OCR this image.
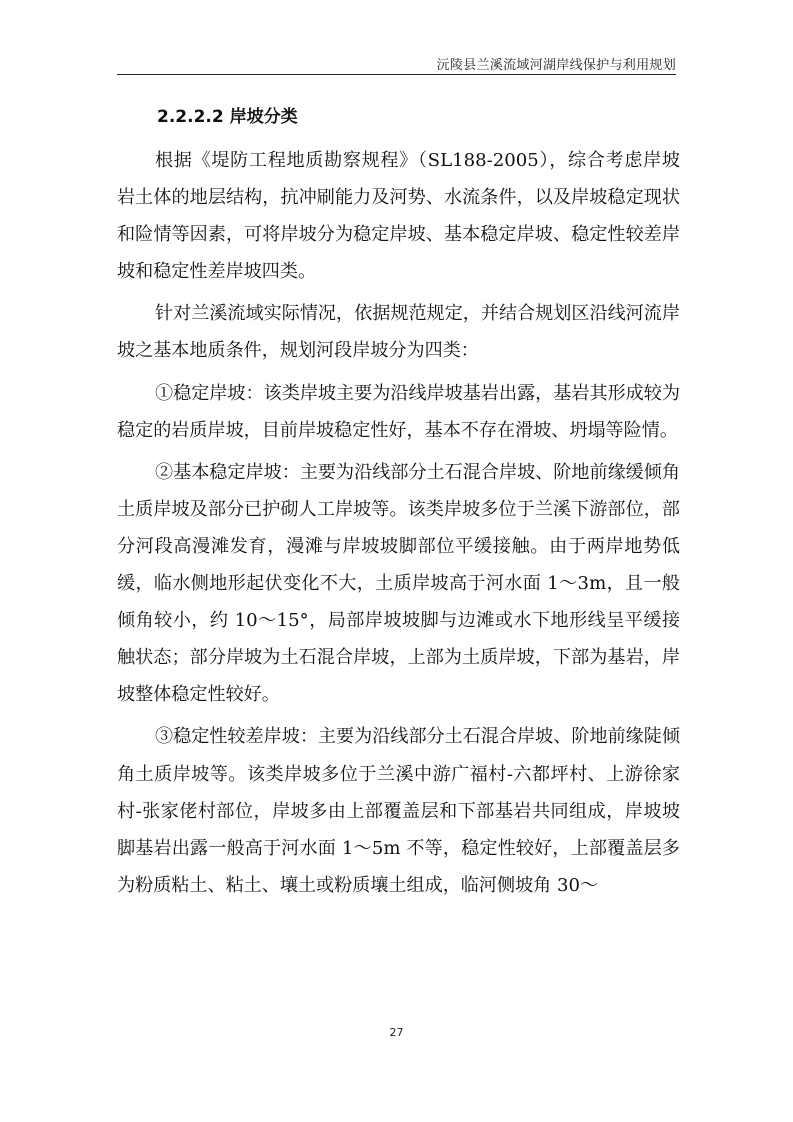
沅陵县兰溪流域河湖岸线保护与利用规划
2.2.2.2 岸坡分类

根据《堤防工程地质勘察规程》（SL188-2005），综合考虑岸坡岩土体的地层结构，抗冲刷能力及河势、水流条件，以及岸坡稳定现状和险情等因素，可将岸坡分为稳定岸坡、基本稳定岸坡、稳定性较差岸坡和稳定性差岸坡四类。

针对兰溪流域实际情况，依据规范规定，并结合规划区沿线河流岸坡之基本地质条件，规划河段岸坡分为四类：

①稳定岸坡：该类岸坡主要为沿线岸坡基岩出露，基岩其形成较为稳定的岩质岸坡，目前岸坡稳定性好，基本不存在滑坡、坍塌等险情。

②基本稳定岸坡：主要为沿线部分土石混合岸坡、阶地前缘缓倾角土质岸坡及部分已护砌人工岸坡等。该类岸坡多位于兰溪下游部位，部分河段高漫滩发育，漫滩与岸坡坡脚部位平缓接触。由于两岸地势低缓，临水侧地形起伏变化不大，土质岸坡高于河水面 1～3m，且一般倾角较小，约 10～15°，局部岸坡坡脚与边滩或水下地形线呈平缓接触状态；部分岸坡为土石混合岸坡，上部为土质岸坡，下部为基岩，岸坡整体稳定性较好。

③稳定性较差岸坡：主要为沿线部分土石混合岸坡、阶地前缘陡倾角土质岸坡等。该类岸坡多位于兰溪中游广福村-六都坪村、上游徐家村-张家佬村部位，岸坡多由上部覆盖层和下部基岩共同组成，岸坡坡脚基岩出露一般高于河水面 1～5m 不等，稳定性较好，上部覆盖层多为粉质粘土、粘土、壤土或粉质壤土组成，临河侧坡角 30～

27
